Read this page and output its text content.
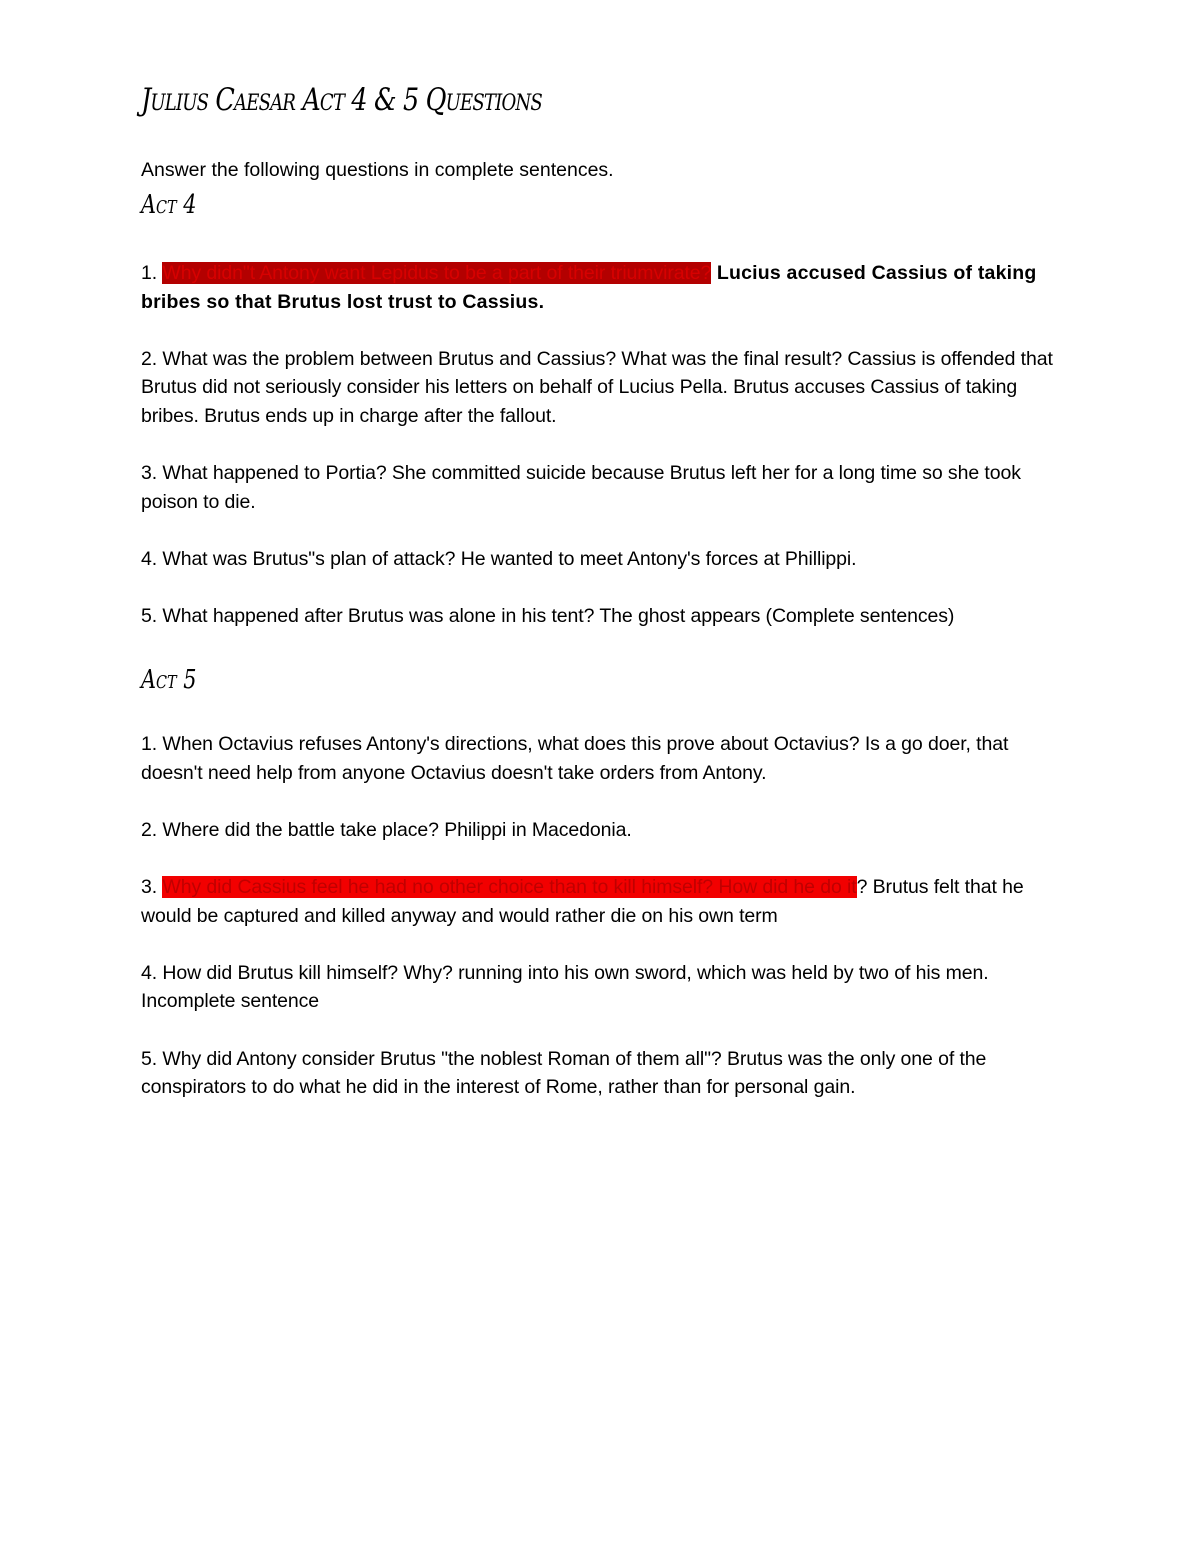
Julius Caesar Act 4 & 5 Questions

Answer the following questions in complete sentences.

Act 4

1. Why didn"t Antony want Lepidus to be a part of their triumvirate? Lucius accused Cassius of taking bribes so that Brutus lost trust to Cassius.

2. What was the problem between Brutus and Cassius? What was the final result? Cassius is offended that Brutus did not seriously consider his letters on behalf of Lucius Pella. Brutus accuses Cassius of taking bribes. Brutus ends up in charge after the fallout.

3. What happened to Portia? She committed suicide because Brutus left her for a long time so she took poison to die.

4. What was Brutus"s plan of attack? He wanted to meet Antony's forces at Phillippi.

5. What happened after Brutus was alone in his tent? The ghost appears (Complete sentences)

Act 5

1. When Octavius refuses Antony's directions, what does this prove about Octavius? Is a go doer, that doesn't need help from anyone Octavius doesn't take orders from Antony.

2. Where did the battle take place? Philippi in Macedonia.

3. Why did Cassius feel he had no other choice than to kill himself? How did he do it? Brutus felt that he would be captured and killed anyway and would rather die on his own term

4. How did Brutus kill himself? Why? running into his own sword, which was held by two of his men. Incomplete sentence

5. Why did Antony consider Brutus "the noblest Roman of them all"? Brutus was the only one of the conspirators to do what he did in the interest of Rome, rather than for personal gain.
